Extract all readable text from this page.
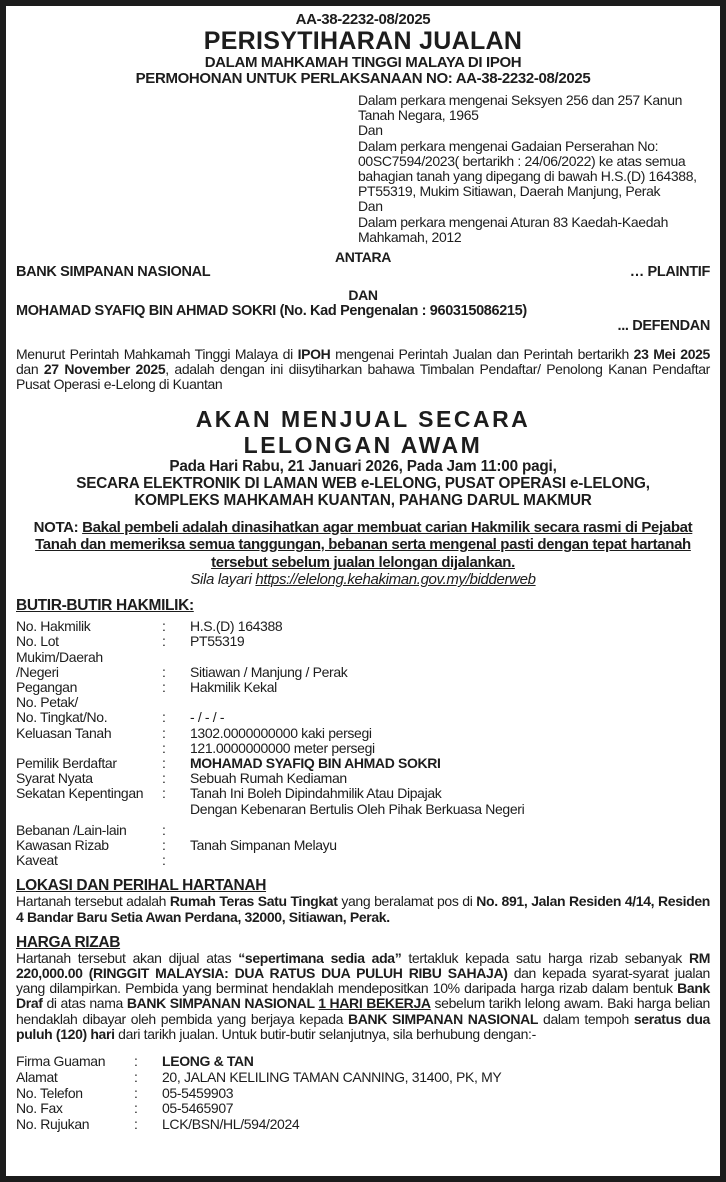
AA-38-2232-08/2025
PERISYTIHARAN JUALAN
DALAM MAHKAMAH TINGGI MALAYA DI IPOH
PERMOHONAN UNTUK PERLAKSANAAN NO: AA-38-2232-08/2025
Dalam perkara mengenai Seksyen 256 dan 257 Kanun Tanah Negara, 1965
Dan
Dalam perkara mengenai Gadaian Perserahan No: 00SC7594/2023( bertarikh : 24/06/2022) ke atas semua bahagian tanah yang dipegang di bawah H.S.(D) 164388, PT55319, Mukim Sitiawan, Daerah Manjung, Perak
Dan
Dalam perkara mengenai Aturan 83 Kaedah-Kaedah Mahkamah, 2012
ANTARA
BANK SIMPANAN NASIONAL	… PLAINTIF
DAN
MOHAMAD SYAFIQ BIN AHMAD SOKRI (No. Kad Pengenalan : 960315086215)
... DEFENDAN
Menurut Perintah Mahkamah Tinggi Malaya di IPOH mengenai Perintah Jualan dan Perintah bertarikh 23 Mei 2025 dan 27 November 2025, adalah dengan ini diisytiharkan bahawa Timbalan Pendaftar/ Penolong Kanan Pendaftar Pusat Operasi e-Lelong di Kuantan
AKAN MENJUAL SECARA
LELONGAN AWAM
Pada Hari Rabu, 21 Januari 2026, Pada Jam 11:00 pagi,
SECARA ELEKTRONIK DI LAMAN WEB e-LELONG, PUSAT OPERASI e-LELONG,
KOMPLEKS MAHKAMAH KUANTAN, PAHANG DARUL MAKMUR
NOTA: Bakal pembeli adalah dinasihatkan agar membuat carian Hakmilik secara rasmi di Pejabat Tanah dan memeriksa semua tanggungan, bebanan serta mengenal pasti dengan tepat hartanah tersebut sebelum jualan lelongan dijalankan.
Sila layari https://elelong.kehakiman.gov.my/bidderweb
BUTIR-BUTIR HAKMILIK:
No. Hakmilik	:	H.S.(D) 164388
No. Lot	:	PT55319
Mukim/Daerah
/Negeri	:	Sitiawan / Manjung / Perak
Pegangan	:	Hakmilik Kekal
No. Petak/
No. Tingkat/No.	:	- / - / -
Keluasan Tanah	:	1302.0000000000 kaki persegi
:	121.0000000000 meter persegi
Pemilik Berdaftar	:	MOHAMAD SYAFIQ BIN AHMAD SOKRI
Syarat Nyata	:	Sebuah Rumah Kediaman
Sekatan Kepentingan	:	Tanah Ini Boleh Dipindahmilik Atau Dipajak
Dengan Kebenaran Bertulis Oleh Pihak Berkuasa Negeri
Bebanan /Lain-lain	:
Kawasan Rizab	:	Tanah Simpanan Melayu
Kaveat	:
LOKASI DAN PERIHAL HARTANAH
Hartanah tersebut adalah Rumah Teras Satu Tingkat yang beralamat pos di No. 891, Jalan Residen 4/14, Residen 4 Bandar Baru Setia Awan Perdana, 32000, Sitiawan, Perak.
HARGA RIZAB
Hartanah tersebut akan dijual atas “sepertimana sedia ada” tertakluk kepada satu harga rizab sebanyak RM 220,000.00 (RINGGIT MALAYSIA: DUA RATUS DUA PULUH RIBU SAHAJA) dan kepada syarat-syarat jualan yang dilampirkan. Pembida yang berminat hendaklah mendepositkan 10% daripada harga rizab dalam bentuk Bank Draf di atas nama BANK SIMPANAN NASIONAL 1 HARI BEKERJA sebelum tarikh lelong awam. Baki harga belian hendaklah dibayar oleh pembida yang berjaya kepada BANK SIMPANAN NASIONAL dalam tempoh seratus dua puluh (120) hari dari tarikh jualan. Untuk butir-butir selanjutnya, sila berhubung dengan:-
Firma Guaman	:	LEONG & TAN
Alamat	:	20, JALAN KELILING TAMAN CANNING, 31400, PK, MY
No. Telefon	:	05-5459903
No. Fax	:	05-5465907
No. Rujukan	:	LCK/BSN/HL/594/2024
